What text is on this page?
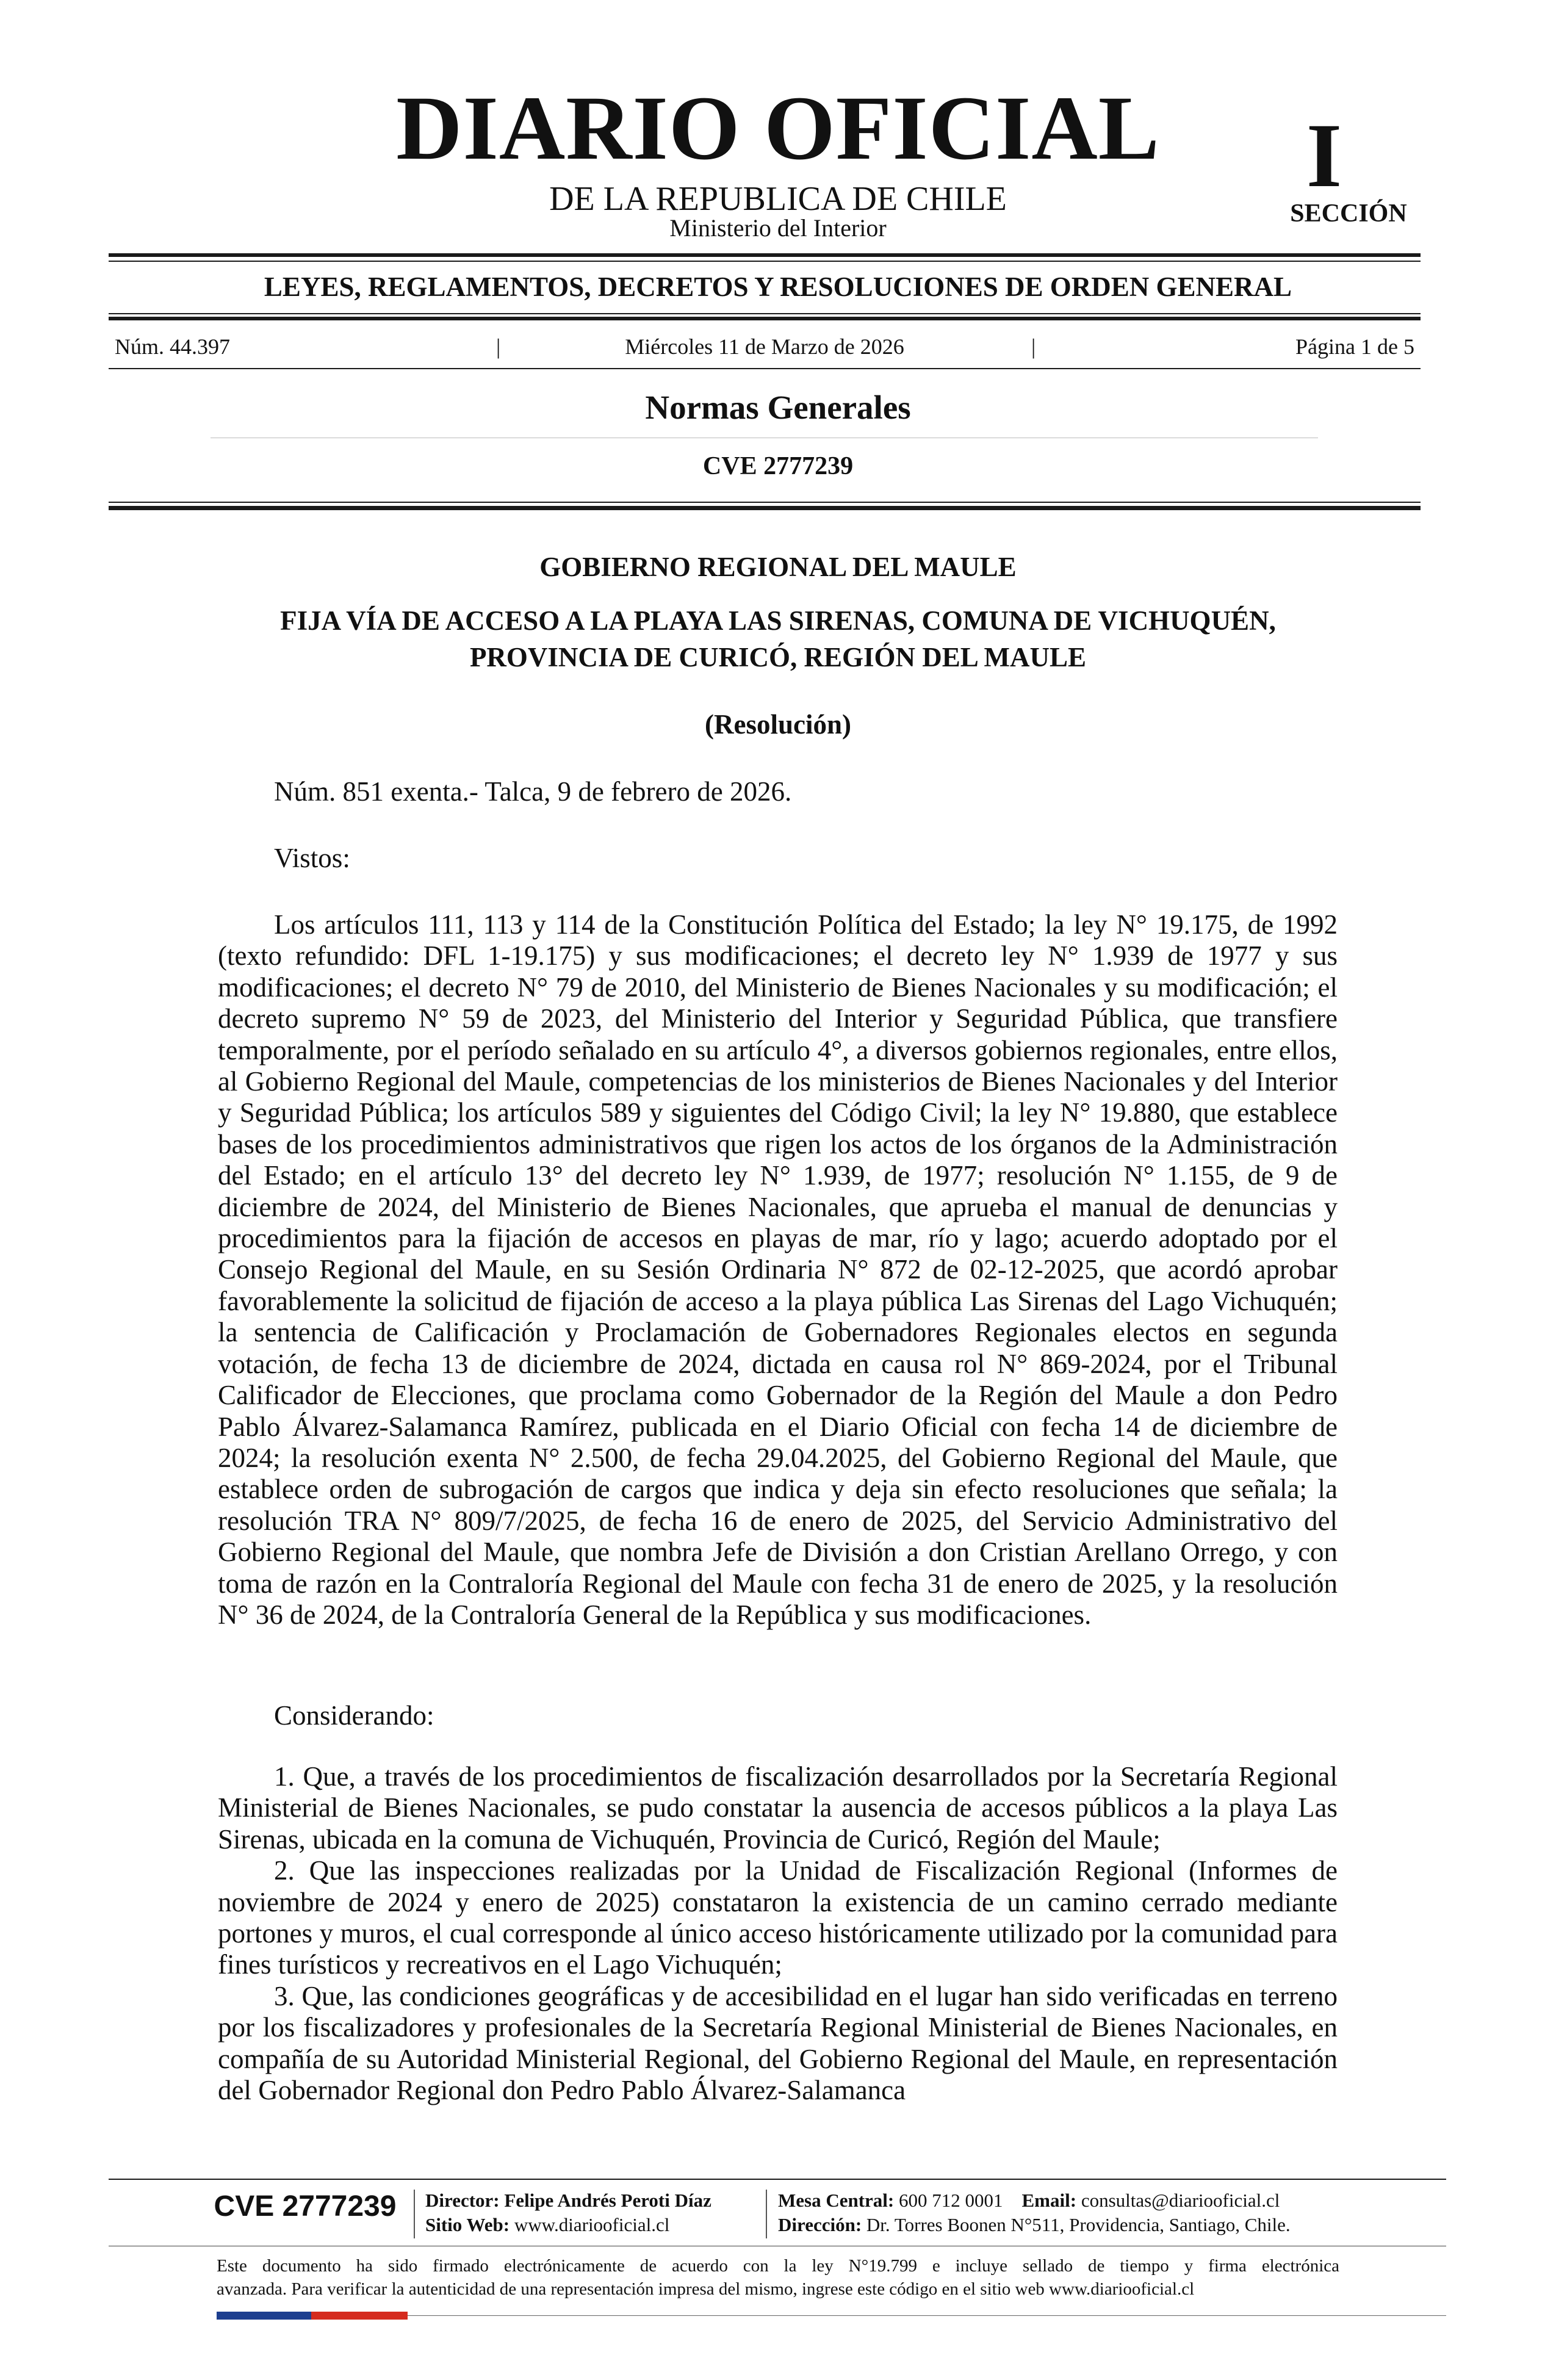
DIARIO OFICIAL
DE LA REPUBLICA DE CHILE
Ministerio del Interior
I
SECCIÓN
LEYES, REGLAMENTOS, DECRETOS Y RESOLUCIONES DE ORDEN GENERAL
Núm. 44.397	Miércoles 11 de Marzo de 2026
|	|	Página 1 de 5
Normas Generales
CVE 2777239
GOBIERNO REGIONAL DEL MAULE
FIJA VÍA DE ACCESO A LA PLAYA LAS SIRENAS, COMUNA DE VICHUQUÉN,
PROVINCIA DE CURICÓ, REGIÓN DEL MAULE
(Resolución)
Núm. 851 exenta.- Talca, 9 de febrero de 2026.
Vistos:

Los artículos 111, 113 y 114 de la Constitución Política del Estado; la ley N° 19.175, de 1992 (texto refundido: DFL 1-19.175) y sus modificaciones; el decreto ley N° 1.939 de 1977 y sus modificaciones; el decreto N° 79 de 2010, del Ministerio de Bienes Nacionales y su modificación; el decreto supremo N° 59 de 2023, del Ministerio del Interior y Seguridad Pública, que transfiere temporalmente, por el período señalado en su artículo 4°, a diversos gobiernos regionales, entre ellos, al Gobierno Regional del Maule, competencias de los ministerios de Bienes Nacionales y del Interior y Seguridad Pública; los artículos 589 y siguientes del Código Civil; la ley N° 19.880, que establece bases de los procedimientos administrativos que rigen los actos de los órganos de la Administración del Estado; en el artículo 13° del decreto ley N° 1.939, de 1977; resolución N° 1.155, de 9 de diciembre de 2024, del Ministerio de Bienes Nacionales, que aprueba el manual de denuncias y procedimientos para la fijación de accesos en playas de mar, río y lago; acuerdo adoptado por el Consejo Regional del Maule, en su Sesión Ordinaria N° 872 de 02-12-2025, que acordó aprobar favorablemente la solicitud de fijación de acceso a la playa pública Las Sirenas del Lago Vichuquén; la sentencia de Calificación y Proclamación de Gobernadores Regionales electos en segunda votación, de fecha 13 de diciembre de 2024, dictada en causa rol N° 869-2024, por el Tribunal Calificador de Elecciones, que proclama como Gobernador de la Región del Maule a don Pedro Pablo Álvarez-Salamanca Ramírez, publicada en el Diario Oficial con fecha 14 de diciembre de 2024; la resolución exenta N° 2.500, de fecha 29.04.2025, del Gobierno Regional del Maule, que establece orden de subrogación de cargos que indica y deja sin efecto resoluciones que señala; la resolución TRA N° 809/7/2025, de fecha 16 de enero de 2025, del Servicio Administrativo del Gobierno Regional del Maule, que nombra Jefe de División a don Cristian Arellano Orrego, y con toma de razón en la Contraloría Regional del Maule con fecha 31 de enero de 2025, y la resolución N° 36 de 2024, de la Contraloría General de la República y sus modificaciones.

Considerando:

1. Que, a través de los procedimientos de fiscalización desarrollados por la Secretaría Regional Ministerial de Bienes Nacionales, se pudo constatar la ausencia de accesos públicos a la playa Las Sirenas, ubicada en la comuna de Vichuquén, Provincia de Curicó, Región del Maule;

2. Que las inspecciones realizadas por la Unidad de Fiscalización Regional (Informes de noviembre de 2024 y enero de 2025) constataron la existencia de un camino cerrado mediante portones y muros, el cual corresponde al único acceso históricamente utilizado por la comunidad para fines turísticos y recreativos en el Lago Vichuquén;

3. Que, las condiciones geográficas y de accesibilidad en el lugar han sido verificadas en terreno por los fiscalizadores y profesionales de la Secretaría Regional Ministerial de Bienes Nacionales, en compañía de su Autoridad Ministerial Regional, del Gobierno Regional del Maule, en representación del Gobernador Regional don Pedro Pablo Álvarez-Salamanca

CVE 2777239	Director: Felipe Andrés Peroti Díaz
Sitio Web: www.diariooficial.cl
Mesa Central: 600 712 0001 Email: consultas@diariooficial.cl
Dirección: Dr. Torres Boonen N°511, Providencia, Santiago, Chile.
Este documento ha sido firmado electrónicamente de acuerdo con la ley N°19.799 e incluye sellado de tiempo y firma electrónica
avanzada. Para verificar la autenticidad de una representación impresa del mismo, ingrese este código en el sitio web www.diariooficial.cl
